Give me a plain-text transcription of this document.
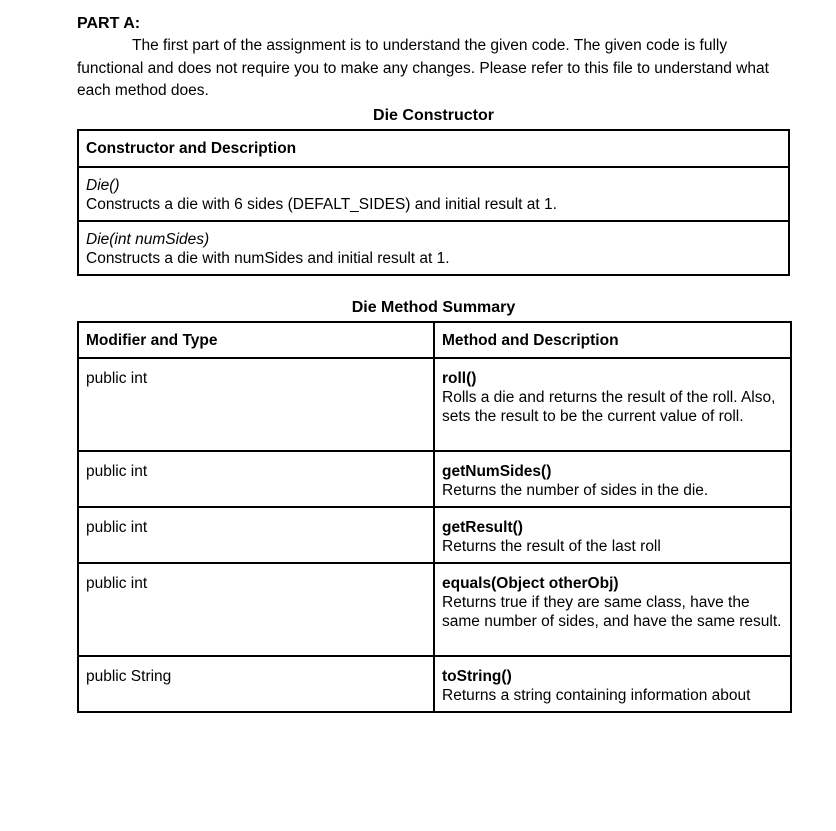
PART A:

The first part of the assignment is to understand the given code. The given code is fully functional and does not require you to make any changes. Please refer to this file to understand what each method does.

Die Constructor
Constructor and Description

Die()
Constructs a die with 6 sides (DEFALT_SIDES) and initial result at 1.

Die(int numSides)
Constructs a die with numSides and initial result at 1.
Die Method Summary
Modifier and Type	Method and Description
public int	roll()
Rolls a die and returns the result of the roll. Also, sets the result to be the current value of roll.

public int	getNumSides()
Returns the number of sides in the die.

public int	getResult()
Returns the result of the last roll

public int	equals(Object otherObj)
Returns true if they are same class, have the same number of sides, and have the same result.

public String	toString()
Returns a string containing information about
